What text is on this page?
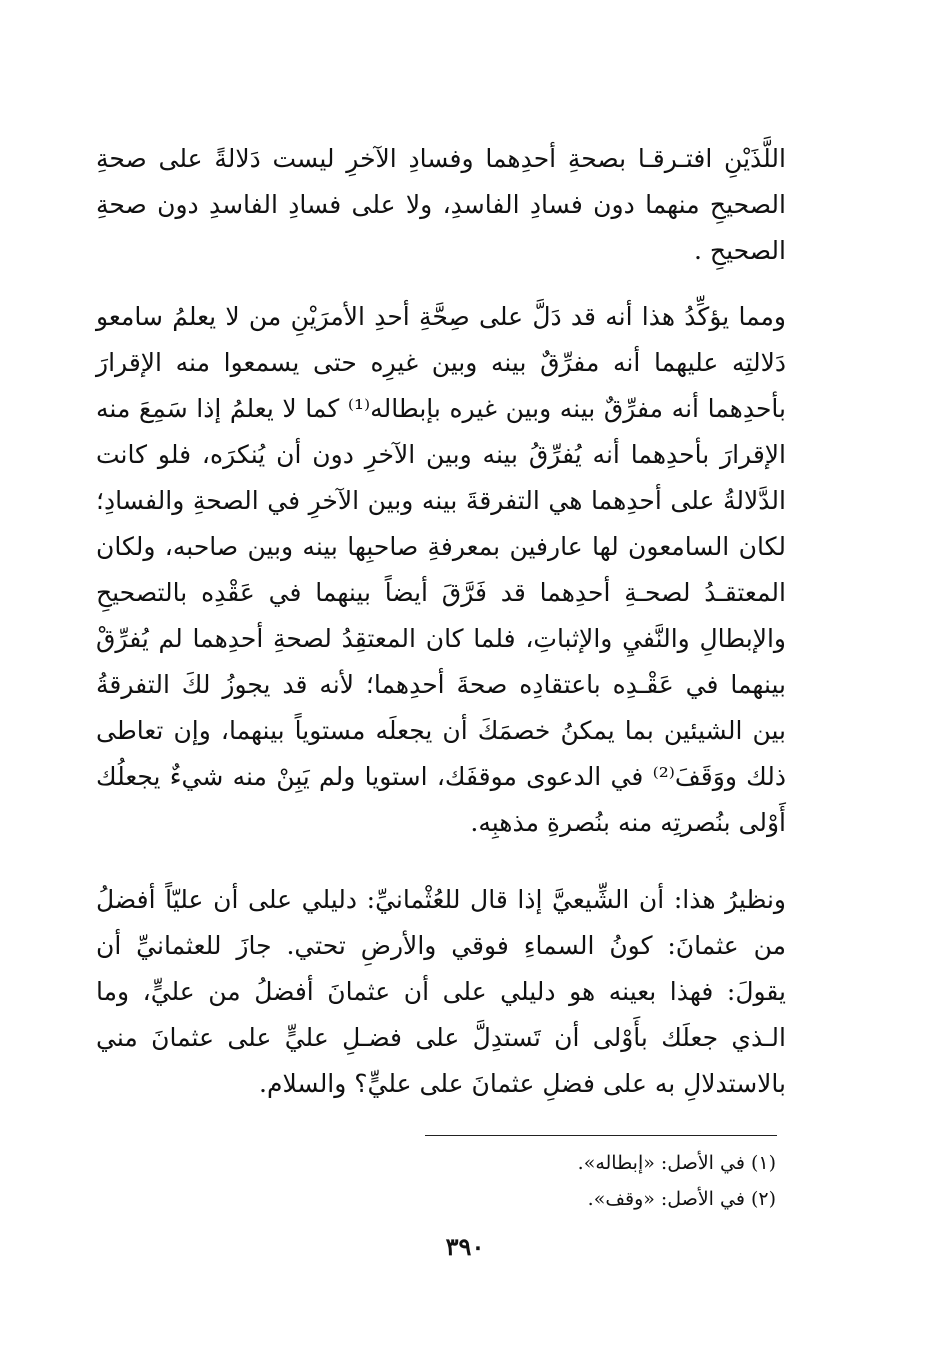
اللَّذَيْنِ افتـرقـا بصحةِ أحدِهما وفسادِ الآخرِ ليست دَلالةً على صحةِ الصحيحِ منهما دون فسادِ الفاسدِ، ولا على فسادِ الفاسدِ دون صحةِ الصحيحِ .

ومما يؤكِّدُ هذا أنه قد دَلَّ على صِحَّةِ أحدِ الأمرَيْنِ من لا يعلمُ سامعو دَلالتِه عليهما أنه مفرِّقٌ بينه وبين غيرِه حتى يسمعوا منه الإقرارَ بأحدِهما أنه مفرِّقٌ بينه وبين غيره بإبطاله⁽¹⁾ كما لا يعلمُ إذا سَمِعَ منه الإقرارَ بأحدِهما أنه يُفرِّقُ بينه وبين الآخرِ دون أن يُنكرَه، فلو كانت الدَّلالةُ على أحدِهما هي التفرقةَ بينه وبين الآخرِ في الصحةِ والفسادِ؛ لكان السامعون لها عارفين بمعرفةِ صاحبِها بينه وبين صاحبه، ولكان المعتقـدُ لصحـةِ أحدِهما قد فَرَّقَ أيضاً بينهما في عَقْدِه بالتصحيحِ والإبطالِ والنَّفيِ والإثباتِ، فلما كان المعتقِدُ لصحةِ أحدِهما لم يُفرِّقْ بينهما في عَقْـدِه باعتقادِه صحةَ أحدِهما؛ لأنه قد يجوزُ لكَ التفرقةُ بين الشيئين بما يمكنُ خصمَكَ أن يجعلَه مستوياً بينهما، وإن تعاطى ذلك ووَقَفَ⁽²⁾ في الدعوى موقفَك، استويا ولم يَبِنْ منه شيءٌ يجعلُك أَوْلى بنُصرتِه منه بنُصرةِ مذهبِه.

ونظيرُ هذا: أن الشِّيعيَّ إذا قال للعُثْمانيِّ: دليلي على أن عليّاً أفضلُ من عثمانَ: كونُ السماءِ فوقي والأرضِ تحتي. جازَ للعثمانيِّ أن يقولَ: فهذا بعينه هو دليلي على أن عثمانَ أفضلُ من عليٍّ، وما الـذي جعلَك بأَوْلى أن تَستدِلَّ على فضـلِ عليٍّ على عثمانَ مني بالاستدلالِ به على فضلِ عثمانَ على عليٍّ؟ والسلام.

(١) في الأصل: «إبطاله».

(٢) في الأصل: «وقف».

٣٩٠
